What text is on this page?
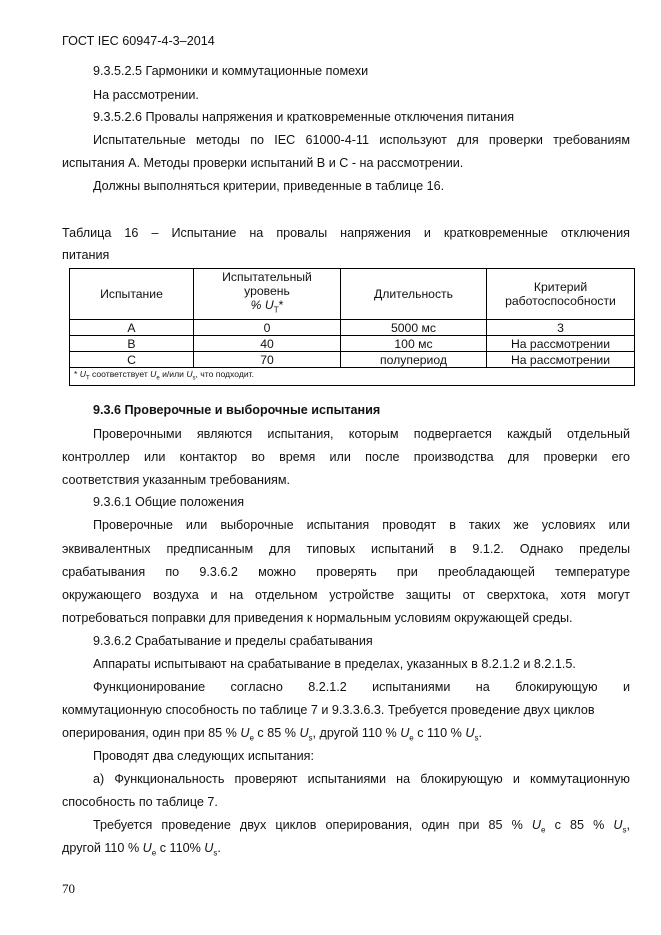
ГОСТ IEC 60947-4-3–2014
9.3.5.2.5 Гармоники и коммутационные помехи
На рассмотрении.
9.3.5.2.6 Провалы напряжения и кратковременные отключения питания
Испытательные методы по IEC 61000-4-11 используют для проверки требованиям
испытания А. Методы проверки испытаний В и С - на рассмотрении.
Должны выполняться критерии, приведенные в таблице 16.
Таблица 16 – Испытание на провалы напряжения и кратковременные отключения
питания
Испытание	Испытательный
уровень
% $U_T*$	Длительность	Критерий
работоспособности
A	0	5000 мс	3
B	40	100 мс	На рассмотрении
C	70	полупериод	На рассмотрении
* $U_T$ соответствует $U_e$ и/или $U_s$, что подходит.			
9.3.6 Проверочные и выборочные испытания
Проверочными являются испытания, которым подвергается каждый отдельный
контроллер или контактор во время или после производства для проверки его
соответствия указанным требованиям.
9.3.6.1 Общие положения
Проверочные или выборочные испытания проводят в таких же условиях или
эквивалентных предписанным для типовых испытаний в 9.1.2. Однако пределы
срабатывания по 9.3.6.2 можно проверять при преобладающей температуре
окружающего воздуха и на отдельном устройстве защиты от сверхтока, хотя могут
потребоваться поправки для приведения к нормальным условиям окружающей среды.
9.3.6.2 Срабатывание и пределы срабатывания
Аппараты испытывают на срабатывание в пределах, указанных в 8.2.1.2 и 8.2.1.5.
Функционирование согласно 8.2.1.2 испытаниями на блокирующую и
коммутационную способность по таблице 7 и 9.3.3.6.3. Требуется проведение двух циклов
оперирования, один при 85 % $U_e$ с 85 % $U_s$, другой 110 % $U_e$ с 110 % $U_s$.
Проводят два следующих испытания:
а) Функциональность проверяют испытаниями на блокирующую и коммутационную
способность по таблице 7.
Требуется проведение двух циклов оперирования, один при 85 % $U_e$ с 85 % $U_s$,
другой 110 % $U_e$ с 110% $U_s$.
70
